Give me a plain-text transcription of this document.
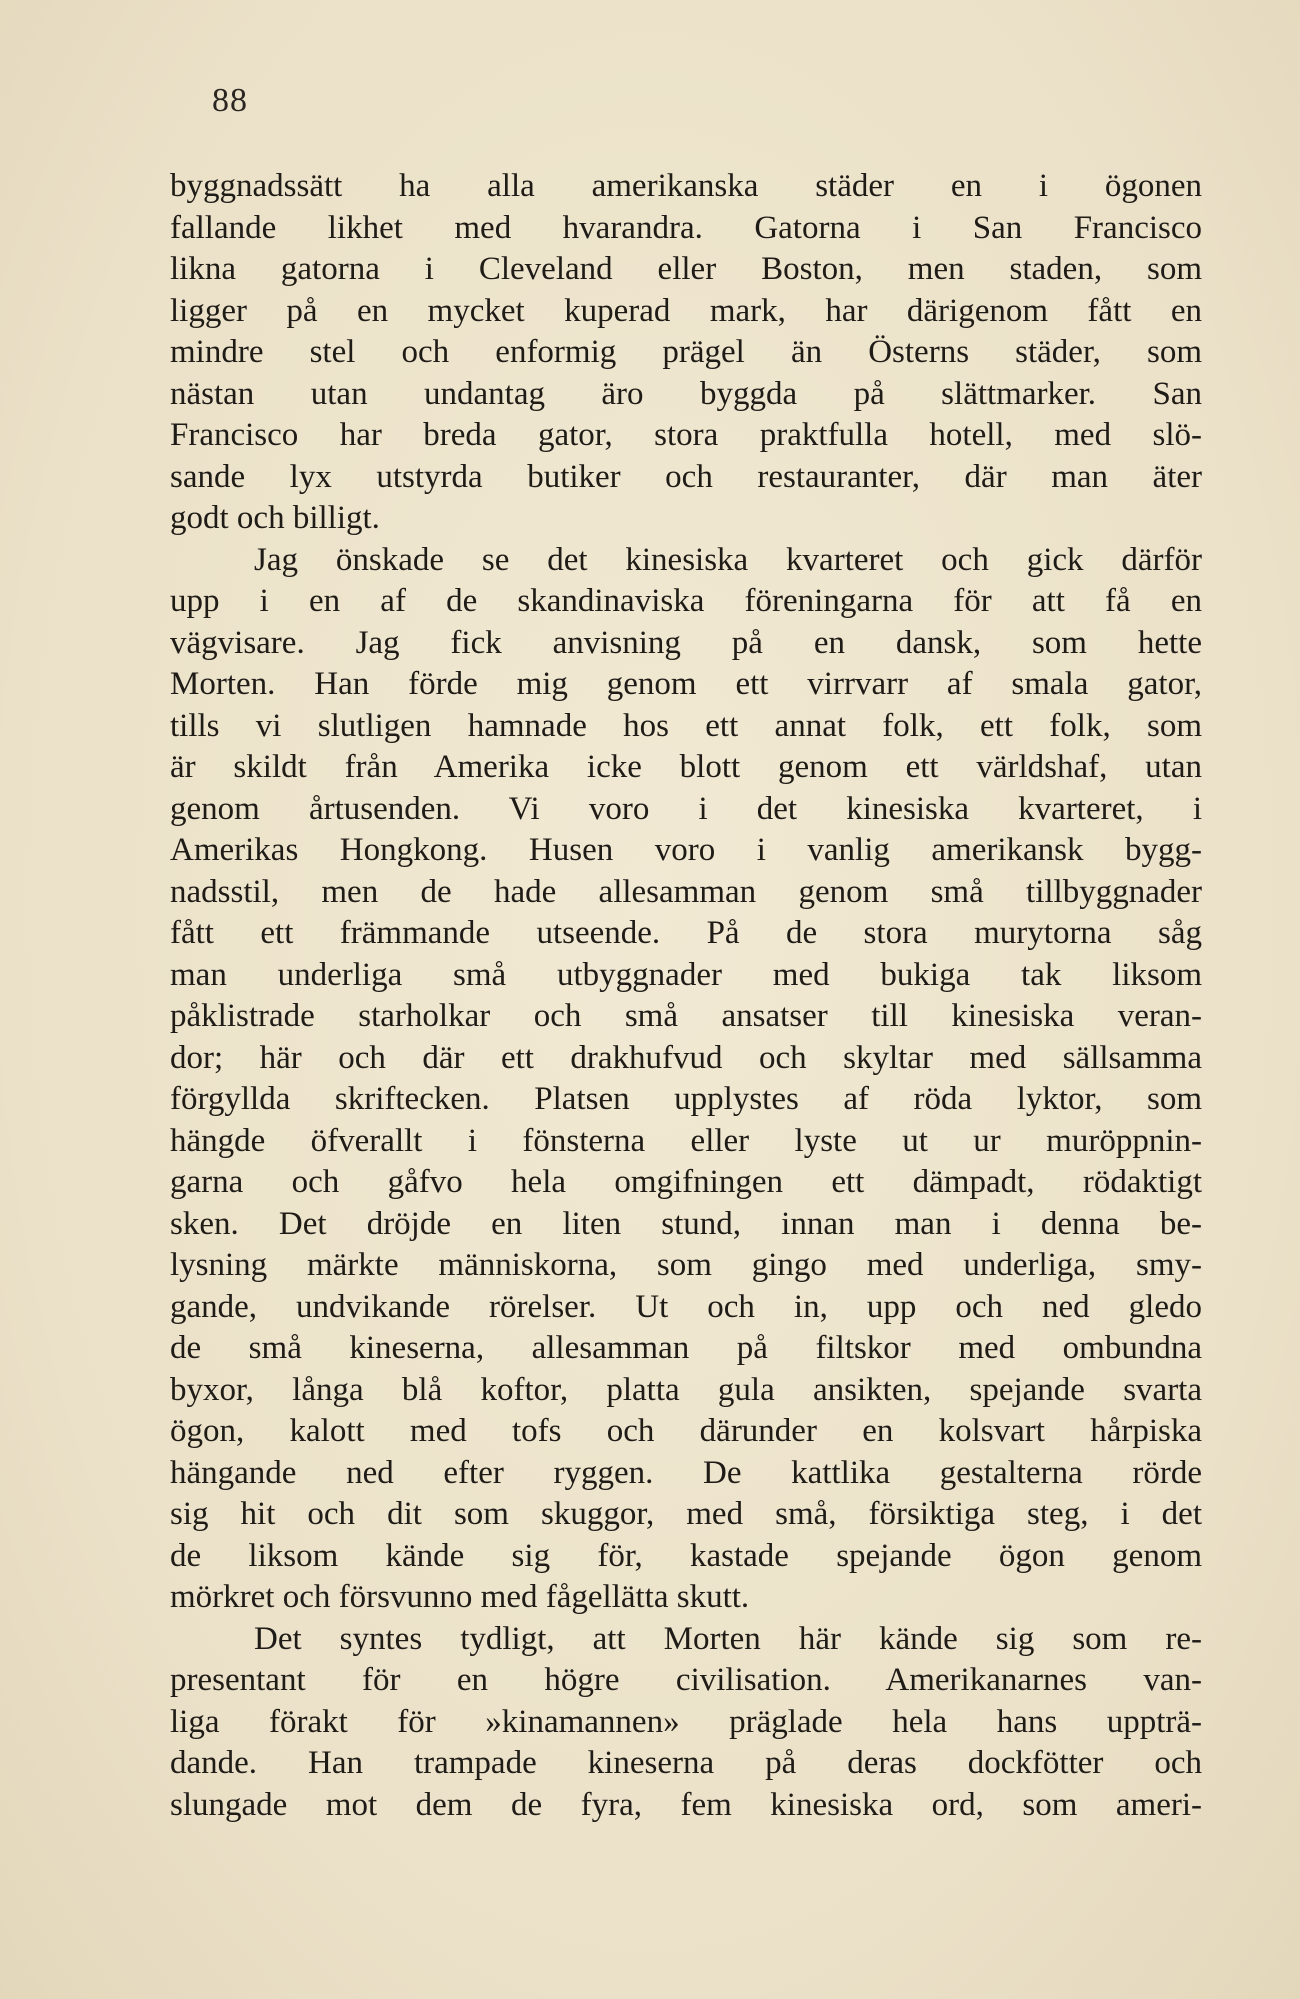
88
byggnadssätt ha alla amerikanska städer en i ögonen
fallande likhet med hvarandra. Gatorna i San Francisco
likna gatorna i Cleveland eller Boston, men staden, som
ligger på en mycket kuperad mark, har därigenom fått en
mindre stel och enformig prägel än Österns städer, som
nästan utan undantag äro byggda på slättmarker. San
Francisco har breda gator, stora praktfulla hotell, med slö-
sande lyx utstyrda butiker och restauranter, där man äter
godt och billigt.
Jag önskade se det kinesiska kvarteret och gick därför
upp i en af de skandinaviska föreningarna för att få en
vägvisare. Jag fick anvisning på en dansk, som hette
Morten. Han förde mig genom ett virrvarr af smala gator,
tills vi slutligen hamnade hos ett annat folk, ett folk, som
är skildt från Amerika icke blott genom ett världshaf, utan
genom årtusenden. Vi voro i det kinesiska kvarteret, i
Amerikas Hongkong. Husen voro i vanlig amerikansk bygg-
nadsstil, men de hade allesamman genom små tillbyggnader
fått ett främmande utseende. På de stora murytorna såg
man underliga små utbyggnader med bukiga tak liksom
påklistrade starholkar och små ansatser till kinesiska veran-
dor; här och där ett drakhufvud och skyltar med sällsamma
förgyllda skriftecken. Platsen upplystes af röda lyktor, som
hängde öfverallt i fönsterna eller lyste ut ur muröppnin-
garna och gåfvo hela omgifningen ett dämpadt, rödaktigt
sken. Det dröjde en liten stund, innan man i denna be-
lysning märkte människorna, som gingo med underliga, smy-
gande, undvikande rörelser. Ut och in, upp och ned gledo
de små kineserna, allesamman på filtskor med ombundna
byxor, långa blå koftor, platta gula ansikten, spejande svarta
ögon, kalott med tofs och därunder en kolsvart hårpiska
hängande ned efter ryggen. De kattlika gestalterna rörde
sig hit och dit som skuggor, med små, försiktiga steg, i det
de liksom kände sig för, kastade spejande ögon genom
mörkret och försvunno med fågellätta skutt.
Det syntes tydligt, att Morten här kände sig som re-
presentant för en högre civilisation. Amerikanarnes van-
liga förakt för »kinamannen» präglade hela hans uppträ-
dande. Han trampade kineserna på deras dockfötter och
slungade mot dem de fyra, fem kinesiska ord, som ameri-
